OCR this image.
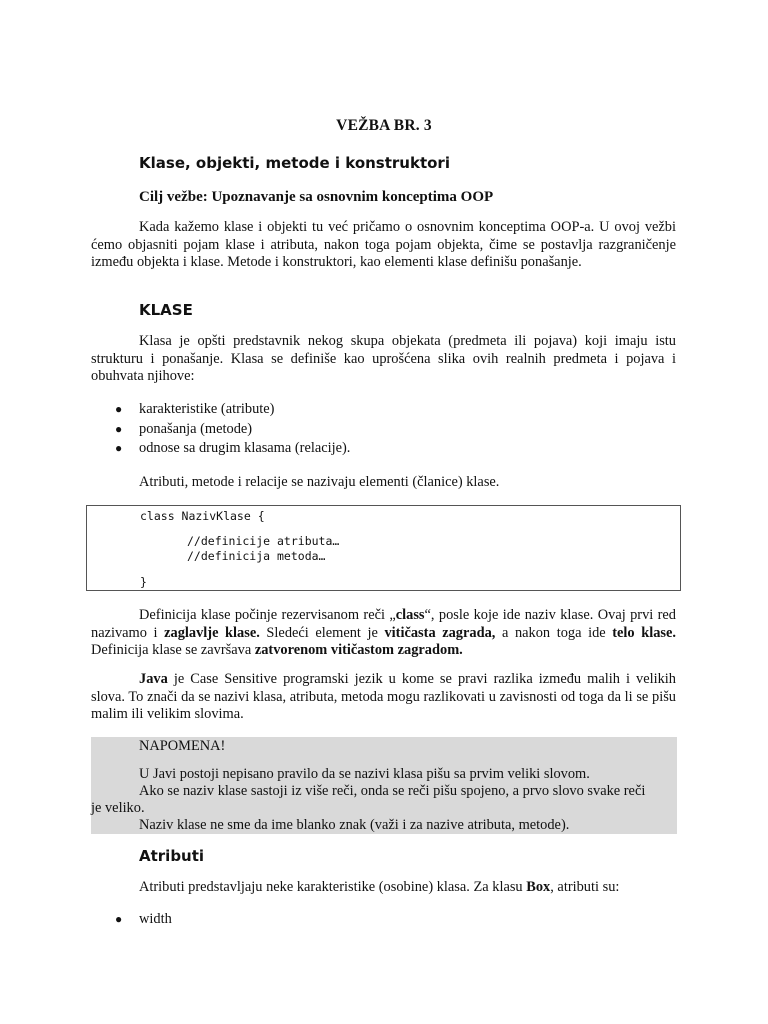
VEŽBA BR. 3
Klase, objekti, metode i konstruktori
Cilj vežbe: Upoznavanje sa osnovnim konceptima OOP

Kada kažemo klase i objekti tu već pričamo o osnovnim konceptima OOP-a. U ovoj vežbi ćemo objasniti pojam klase i atributa, nakon toga pojam objekta, čime se postavlja razgraničenje između objekta i klase. Metode i konstruktori, kao elementi klase definišu ponašanje.

KLASE

Klasa je opšti predstavnik nekog skupa objekata (predmeta ili pojava) koji imaju istu strukturu i ponašanje. Klasa se definiše kao uprošćena slika ovih realnih predmeta i pojava i obuhvata njihove:

● karakteristike (atribute)
● ponašanja (metode)
● odnose sa drugim klasama (relacije).
Atributi, metode i relacije se nazivaju elementi (članice) klase.
class NazivKlase {
//definicije atributa…
//definicija metoda…
}

Definicija klase počinje rezervisanom reči „class“, posle koje ide naziv klase. Ovaj prvi red nazivamo i zaglavlje klase. Sledeći element je vitičasta zagrada, a nakon toga ide telo klase. Definicija klase se završava zatvorenom vitičastom zagradom.

Java je Case Sensitive programski jezik u kome se pravi razlika između malih i velikih slova. To znači da se nazivi klasa, atributa, metoda mogu razlikovati u zavisnosti od toga da li se pišu malim ili velikim slovima.

NAPOMENA!
U Javi postoji nepisano pravilo da se nazivi klasa pišu sa prvim veliki slovom.
Ako se naziv klase sastoji iz više reči, onda se reči pišu spojeno, a prvo slovo svake reči
je veliko.
Naziv klase ne sme da ime blanko znak (važi i za nazive atributa, metode).
Atributi
Atributi predstavljaju neke karakteristike (osobine) klasa. Za klasu Box, atributi su:
● width
